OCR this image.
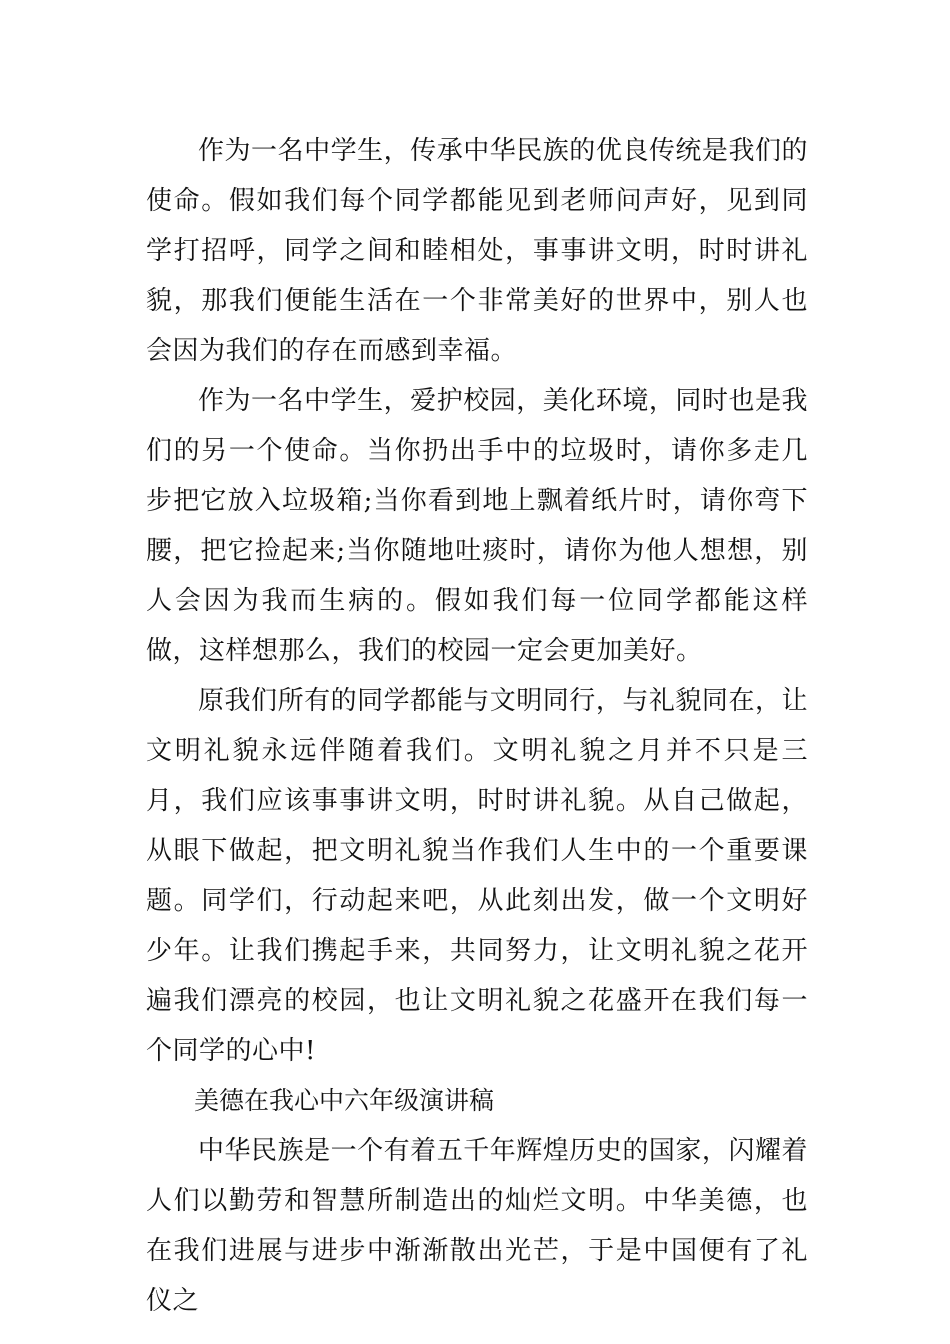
作为一名中学生，传承中华民族的优良传统是我们的使命。假如我们每个同学都能见到老师问声好，见到同学打招呼，同学之间和睦相处，事事讲文明，时时讲礼貌，那我们便能生活在一个非常美好的世界中，别人也会因为我们的存在而感到幸福。

作为一名中学生，爱护校园，美化环境，同时也是我们的另一个使命。当你扔出手中的垃圾时，请你多走几步把它放入垃圾箱;当你看到地上飘着纸片时，请你弯下腰，把它捡起来;当你随地吐痰时，请你为他人想想，别人会因为我而生病的。假如我们每一位同学都能这样做，这样想那么，我们的校园一定会更加美好。

原我们所有的同学都能与文明同行，与礼貌同在，让文明礼貌永远伴随着我们。文明礼貌之月并不只是三月，我们应该事事讲文明，时时讲礼貌。从自己做起，从眼下做起，把文明礼貌当作我们人生中的一个重要课题。同学们，行动起来吧，从此刻出发，做一个文明好少年。让我们携起手来，共同努力，让文明礼貌之花开遍我们漂亮的校园，也让文明礼貌之花盛开在我们每一个同学的心中!

美德在我心中六年级演讲稿

中华民族是一个有着五千年辉煌历史的国家，闪耀着人们以勤劳和智慧所制造出的灿烂文明。中华美德，也在我们进展与进步中渐渐散出光芒，于是中国便有了礼仪之
